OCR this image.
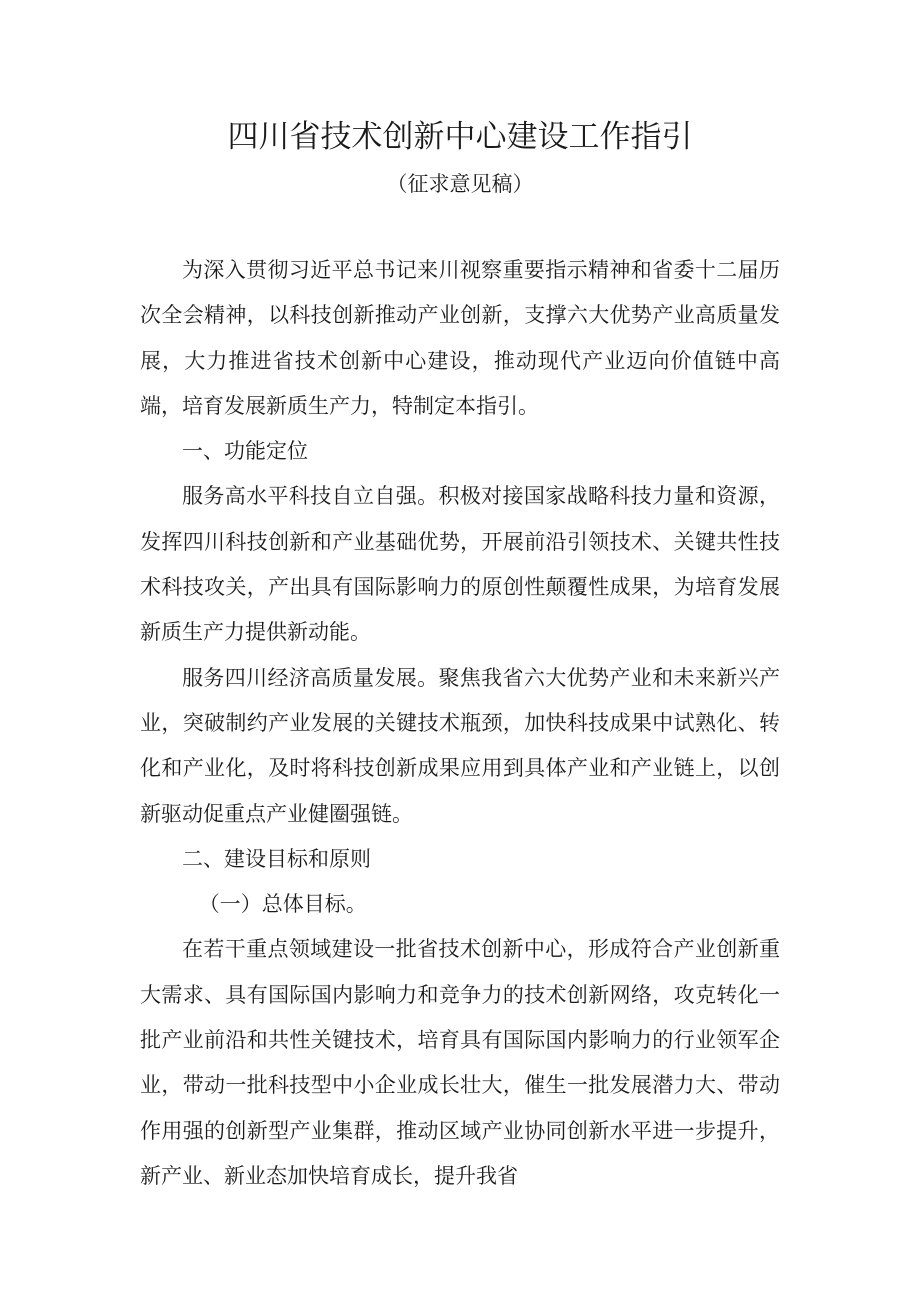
四川省技术创新中心建设工作指引
（征求意见稿）

为深入贯彻习近平总书记来川视察重要指示精神和省委十二届历次全会精神，以科技创新推动产业创新，支撑六大优势产业高质量发展，大力推进省技术创新中心建设，推动现代产业迈向价值链中高端，培育发展新质生产力，特制定本指引。

一、功能定位

服务高水平科技自立自强。积极对接国家战略科技力量和资源，发挥四川科技创新和产业基础优势，开展前沿引领技术、关键共性技术科技攻关，产出具有国际影响力的原创性颠覆性成果，为培育发展新质生产力提供新动能。

服务四川经济高质量发展。聚焦我省六大优势产业和未来新兴产业，突破制约产业发展的关键技术瓶颈，加快科技成果中试熟化、转化和产业化，及时将科技创新成果应用到具体产业和产业链上，以创新驱动促重点产业健圈强链。

二、建设目标和原则
（一）总体目标。

在若干重点领域建设一批省技术创新中心，形成符合产业创新重大需求、具有国际国内影响力和竞争力的技术创新网络，攻克转化一批产业前沿和共性关键技术，培育具有国际国内影响力的行业领军企业，带动一批科技型中小企业成长壮大，催生一批发展潜力大、带动作用强的创新型产业集群，推动区域产业协同创新水平进一步提升，新产业、新业态加快培育成长，提升我省
